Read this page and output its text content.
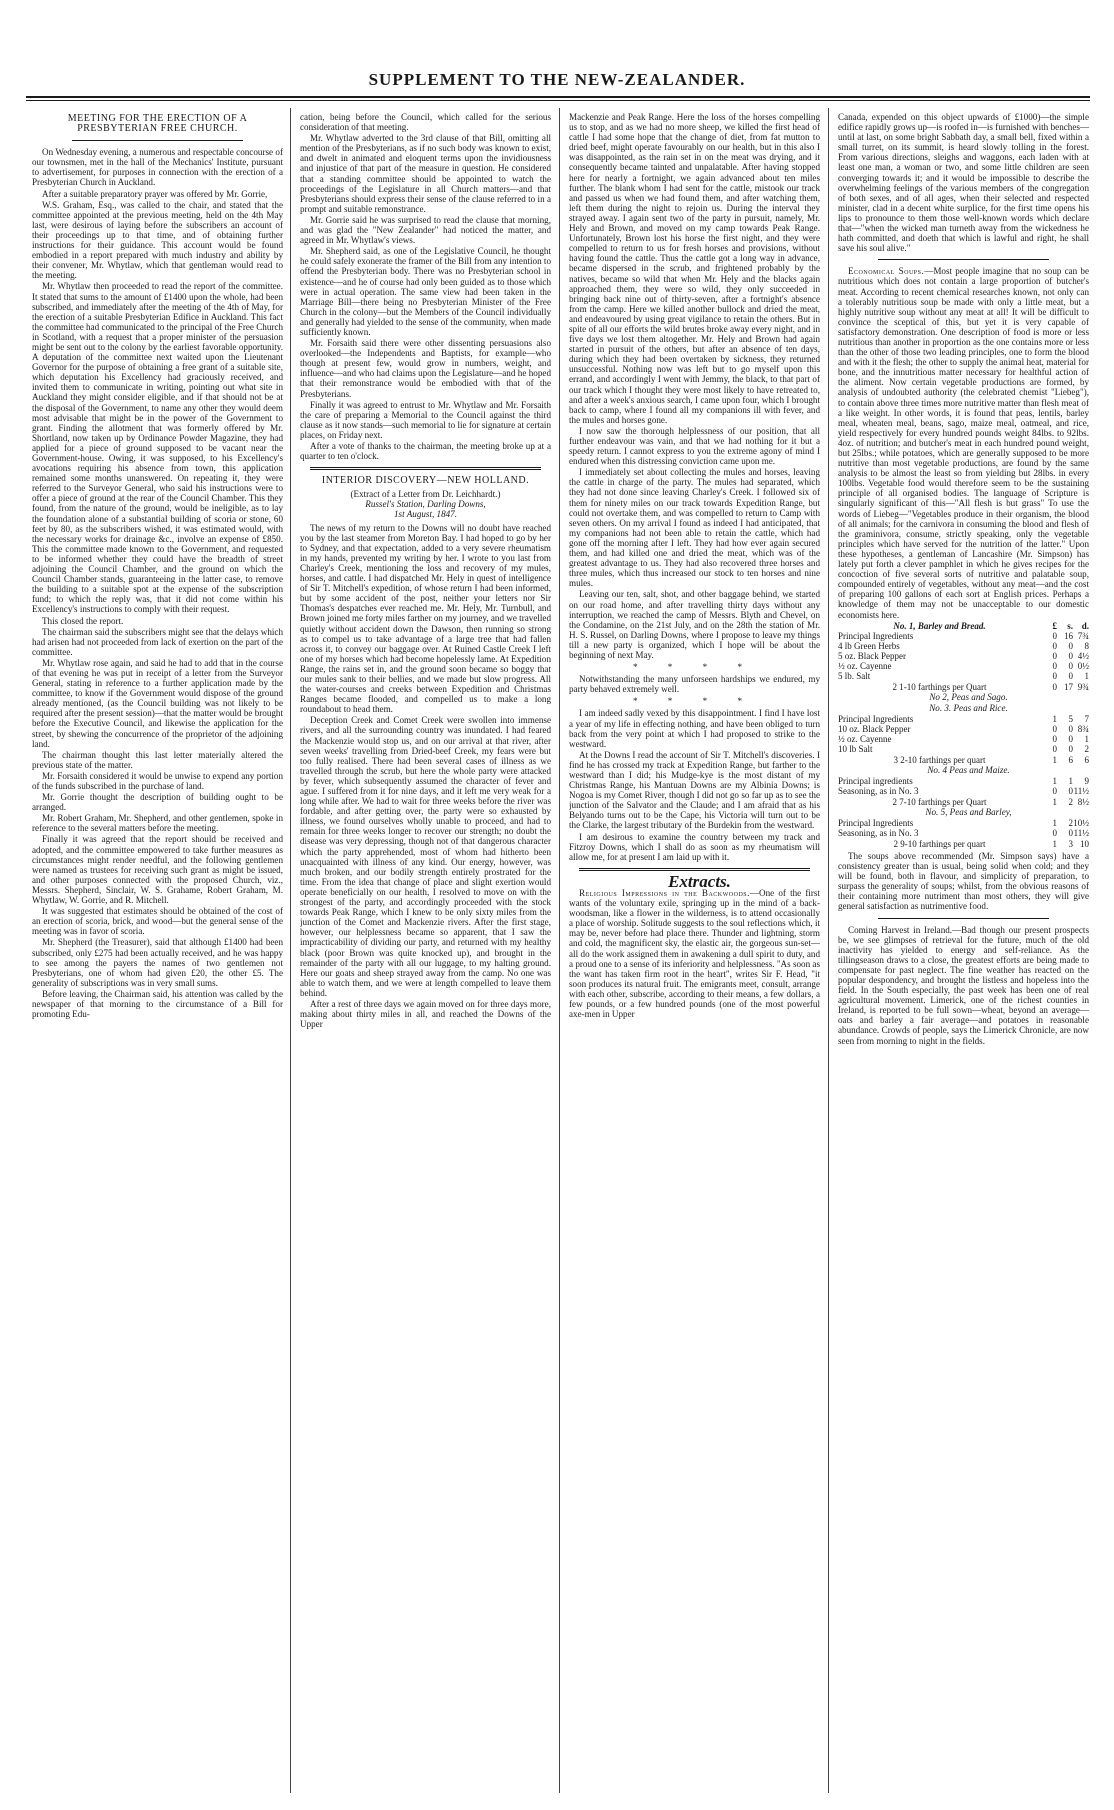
SUPPLEMENT TO THE NEW-ZEALANDER.

MEETING FOR THE ERECTION OF A PRESBYTERIAN FREE CHURCH.

On Wednesday evening, a numerous and respectable concourse of our townsmen, met in the hall of the Mechanics' Institute, pursuant to advertisement, for purposes in connection with the erection of a Presbyterian Church in Auckland.

After a suitable preparatory prayer was offered by Mr. Gorrie,

W.S. Graham, Esq., was called to the chair, and stated that the committee appointed at the previous meeting, held on the 4th May last, were desirous of laying before the subscribers an account of their proceedings up to that time, and of obtaining further instructions for their guidance. This account would be found embodied in a report prepared with much industry and ability by their convener, Mr. Whytlaw, which that gentleman would read to the meeting.

Mr. Whytlaw then proceeded to read the report of the committee. It stated that sums to the amount of £1400 upon the whole, had been subscribed, and immediately after the meeting of the 4th of May, for the erection of a suitable Presbyterian Edifice in Auckland. This fact the committee had communicated to the principal of the Free Church in Scotland, with a request that a proper minister of the persuasion might be sent out to the colony by the earliest favorable opportunity. A deputation of the committee next waited upon the Lieutenant Governor for the purpose of obtaining a free grant of a suitable site, which deputation his Excellency had graciously received, and invited them to communicate in writing, pointing out what site in Auckland they might consider eligible, and if that should not be at the disposal of the Government, to name any other they would deem most advisable that might be in the power of the Government to grant. Finding the allotment that was formerly offered by Mr. Shortland, now taken up by Ordinance Powder Magazine, they had applied for a piece of ground supposed to be vacant near the Government-house. Owing, it was supposed, to his Excellency's avocations requiring his absence from town, this application remained some months unanswered. On repeating it, they were referred to the Surveyor General, who said his instructions were to offer a piece of ground at the rear of the Council Chamber. This they found, from the nature of the ground, would be ineligible, as to lay the foundation alone of a substantial building of scoria or stone, 60 feet by 80, as the subscribers wished, it was estimated would, with the necessary works for drainage &c., involve an expense of £850. This the committee made known to the Government, and requested to be informed whether they could have the breadth of street adjoining the Council Chamber, and the ground on which the Council Chamber stands, guaranteeing in the latter case, to remove the building to a suitable spot at the expense of the subscription fund; to which the reply was, that it did not come within his Excellency's instructions to comply with their request.

This closed the report.

The chairman said the subscribers might see that the delays which had arisen had not proceeded from lack of exertion on the part of the committee.

Mr. Whytlaw rose again, and said he had to add that in the course of that evening he was put in receipt of a letter from the Surveyor General, stating in reference to a further application made by the committee, to know if the Government would dispose of the ground already mentioned, (as the Council building was not likely to be required after the present session)—that the matter would be brought before the Executive Council, and likewise the application for the street, by shewing the concurrence of the proprietor of the adjoining land.

The chairman thought this last letter materially altered the previous state of the matter.

Mr. Forsaith considered it would be unwise to expend any portion of the funds subscribed in the purchase of land.

Mr. Gorrie thought the description of building ought to be arranged.

Mr. Robert Graham, Mr. Shepherd, and other gentlemen, spoke in reference to the several matters before the meeting.

Finally it was agreed that the report should be received and adopted, and the committee empowered to take further measures as circumstances might render needful, and the following gentlemen were named as trustees for receiving such grant as might be issued, and other purposes connected with the proposed Church, viz., Messrs. Shepherd, Sinclair, W. S. Grahame, Robert Graham, M. Whytlaw, W. Gorrie, and R. Mitchell.

It was suggested that estimates should be obtained of the cost of an erection of scoria, brick, and wood—but the general sense of the meeting was in favor of scoria.

Mr. Shepherd (the Treasurer), said that although £1400 had been subscribed, only £275 had been actually received, and he was happy to see among the payers the names of two gentlemen not Presbyterians, one of whom had given £20, the other £5. The generality of subscriptions was in very small sums.

Before leaving, the Chairman said, his attention was called by the newspaper of that morning to the circumstance of a Bill for promoting Edu-

cation, being before the Council, which called for the serious consideration of that meeting.

Mr. Whytlaw adverted to the 3rd clause of that Bill, omitting all mention of the Presbyterians, as if no such body was known to exist, and dwelt in animated and eloquent terms upon the invidiousness and injustice of that part of the measure in question. He considered that a standing committee should be appointed to watch the proceedings of the Legislature in all Church matters—and that Presbyterians should express their sense of the clause referred to in a prompt and suitable remonstrance.

Mr. Gorrie said he was surprised to read the clause that morning, and was glad the "New Zealander" had noticed the matter, and agreed in Mr. Whytlaw's views.

Mr. Shepherd said, as one of the Legislative Council, he thought he could safely exonerate the framer of the Bill from any intention to offend the Presbyterian body. There was no Presbyterian school in existence—and he of course had only been guided as to those which were in actual operation. The same view had been taken in the Marriage Bill—there being no Presbyterian Minister of the Free Church in the colony—but the Members of the Council individually and generally had yielded to the sense of the community, when made sufficiently known.

Mr. Forsaith said there were other dissenting persuasions also overlooked—the Independents and Baptists, for example—who though at present few, would grow in numbers, weight, and influence—and who had claims upon the Legislature—and he hoped that their remonstrance would be embodied with that of the Presbyterians.

Finally it was agreed to entrust to Mr. Whytlaw and Mr. Forsaith the care of preparing a Memorial to the Council against the third clause as it now stands—such memorial to lie for signature at certain places, on Friday next.

After a vote of thanks to the chairman, the meeting broke up at a quarter to ten o'clock.

INTERIOR DISCOVERY—NEW HOLLAND.

(Extract of a Letter from Dr. Leichhardt.)

Russel's Station, Darling Downs,

1st August, 1847.

The news of my return to the Downs will no doubt have reached you by the last steamer from Moreton Bay. I had hoped to go by her to Sydney, and that expectation, added to a very severe rheumatism in my hands, prevented my writing by her. I wrote to you last from Charley's Creek, mentioning the loss and recovery of my mules, horses, and cattle. I had dispatched Mr. Hely in quest of intelligence of Sir T. Mitchell's expedition, of whose return I had been informed, but by some accident of the post, neither your letters nor Sir Thomas's despatches ever reached me. Mr. Hely, Mr. Turnbull, and Brown joined me forty miles farther on my journey, and we travelled quietly without accident down the Dawson, then running so strong as to compel us to take advantage of a large tree that had fallen across it, to convey our baggage over. At Ruined Castle Creek I left one of my horses which had become hopelessly lame. At Expedition Range, the rains set in, and the ground soon became so boggy that our mules sank to their bellies, and we made but slow progress. All the water-courses and creeks between Expedition and Christmas Ranges became flooded, and compelled us to make a long roundabout to head them.

Deception Creek and Comet Creek were swollen into immense rivers, and all the surrounding country was inundated. I had feared the Mackenzie would stop us, and on our arrival at that river, after seven weeks' travelling from Dried-beef Creek, my fears were but too fully realised. There had been several cases of illness as we travelled through the scrub, but here the whole party were attacked by fever, which subsequently assumed the character of fever and ague. I suffered from it for nine days, and it left me very weak for a long while after. We had to wait for three weeks before the river was fordable, and after getting over, the party were so exhausted by illness, we found ourselves wholly unable to proceed, and had to remain for three weeks longer to recover our strength; no doubt the disease was very depressing, though not of that dangerous character which the party apprehended, most of whom had hitherto been unacquainted with illness of any kind. Our energy, however, was much broken, and our bodily strength entirely prostrated for the time. From the idea that change of place and slight exertion would operate beneficially on our health, I resolved to move on with the strongest of the party, and accordingly proceeded with the stock towards Peak Range, which I knew to be only sixty miles from the junction of the Comet and Mackenzie rivers. After the first stage, however, our helplessness became so apparent, that I saw the impracticability of dividing our party, and returned with my healthy black (poor Brown was quite knocked up), and brought in the remainder of the party with all our luggage, to my halting ground. Here our goats and sheep strayed away from the camp. No one was able to watch them, and we were at length compelled to leave them behind.

After a rest of three days we again moved on for three days more, making about thirty miles in all, and reached the Downs of the Upper

Mackenzie and Peak Range. Here the loss of the horses compelling us to stop, and as we had no more sheep, we killed the first head of cattle I had some hope that the change of diet, from fat mutton to dried beef, might operate favourably on our health, but in this also I was disappointed, as the rain set in on the meat was drying, and it consequently became tainted and unpalatable. After having stopped here for nearly a fortnight, we again advanced about ten miles further. The blank whom I had sent for the cattle, mistook our track and passed us when we had found them, and after watching them, left them during the night to rejoin us. During the interval they strayed away. I again sent two of the party in pursuit, namely, Mr. Hely and Brown, and moved on my camp towards Peak Range. Unfortunately, Brown lost his horse the first night, and they were compelled to return to us for fresh horses and provisions, without having found the cattle. Thus the cattle got a long way in advance, became dispersed in the scrub, and frightened probably by the natives, became so wild that when Mr. Hely and the blacks again approached them, they were so wild, they only succeeded in bringing back nine out of thirty-seven, after a fortnight's absence from the camp. Here we killed another bullock and dried the meat, and endeavoured by using great vigilance to retain the others. But in spite of all our efforts the wild brutes broke away every night, and in five days we lost them altogether. Mr. Hely and Brown had again started in pursuit of the others, but after an absence of ten days, during which they had been overtaken by sickness, they returned unsuccessful. Nothing now was left but to go myself upon this errand, and accordingly I went with Jemmy, the black, to that part of our track which I thought they were most likely to have retreated to, and after a week's anxious search, I came upon four, which I brought back to camp, where I found all my companions ill with fever, and the mules and horses gone.

I now saw the thorough helplessness of our position, that all further endeavour was vain, and that we had nothing for it but a speedy return. I cannot express to you the extreme agony of mind I endured when this distressing conviction came upon me.

I immediately set about collecting the mules and horses, leaving the cattle in charge of the party. The mules had separated, which they had not done since leaving Charley's Creek. I followed six of them for ninety miles on our track towards Expedition Range, but could not overtake them, and was compelled to return to Camp with seven others. On my arrival I found as indeed I had anticipated, that my companions had not been able to retain the cattle, which had gone off the morning after I left. They had how ever again secured them, and had killed one and dried the meat, which was of the greatest advantage to us. They had also recovered three horses and three mules, which thus increased our stock to ten horses and nine mules.

Leaving our ten, salt, shot, and other baggage behind, we started on our road home, and after travelling thirty days without any interruption, we reached the camp of Messrs. Blyth and Chevel, on the Condamine, on the 21st July, and on the 28th the station of Mr. H. S. Russel, on Darling Downs, where I propose to leave my things till a new party is organized, which I hope will be about the beginning of next May.

* * * *

Notwithstanding the many unforseen hardships we endured, my party behaved extremely well.

* * * *

I am indeed sadly vexed by this disappointment. I find I have lost a year of my life in effecting nothing, and have been obliged to turn back from the very point at which I had proposed to strike to the westward.

At the Downs I read the account of Sir T. Mitchell's discoveries. I find he has crossed my track at Expedition Range, but farther to the westward than I did; his Mudge-kye is the most distant of my Christmas Range, his Mantuan Downs are my Albinia Downs; is Nogoa is my Comet River, though I did not go so far up as to see the junction of the Salvator and the Claude; and I am afraid that as his Belyando turns out to be the Cape, his Victoria will turn out to be the Clarke, the largest tributary of the Burdekin from the westward.

I am desirous to examine the country between my track and Fitzroy Downs, which I shall do as soon as my rheumatism will allow me, for at present I am laid up with it.

Extracts.

Religious Impressions in the Backwoods.—One of the first wants of the voluntary exile, springing up in the mind of a back-woodsman, like a flower in the wilderness, is to attend occasionally a place of worship. Solitude suggests to the soul reflections which, it may be, never before had place there. Thunder and lightning, storm and cold, the magnificent sky, the elastic air, the gorgeous sun-set—all do the work assigned them in awakening a dull spirit to duty, and a proud one to a sense of its inferiority and helplessness. "As soon as the want has taken firm root in the heart", writes Sir F. Head, "it soon produces its natural fruit. The emigrants meet, consult, arrange with each other, subscribe, according to their means, a few dollars, a few pounds, or a few hundred pounds (one of the most powerful axe-men in Upper

Canada, expended on this object upwards of £1000)—the simple edifice rapidly grows up—is roofed in—is furnished with benches—until at last, on some bright Sabbath day, a small bell, fixed within a small turret, on its summit, is heard slowly tolling in the forest. From various directions, sleighs and waggons, each laden with at least one man, a woman or two, and some little children are seen converging towards it; and it would be impossible to describe the overwhelming feelings of the various members of the congregation of both sexes, and of all ages, when their selected and respected minister, clad in a decent white surplice, for the first time opens his lips to pronounce to them those well-known words which declare that—"when the wicked man turneth away from the wickedness he hath committed, and doeth that which is lawful and right, he shall save his soul alive."

Economical Soups.—Most people imagine that no soup can be nutritious which does not contain a large proportion of butcher's meat. According to recent chemical researches known, not only can a tolerably nutritious soup be made with only a little meat, but a highly nutritive soup without any meat at all! It will be difficult to convince the sceptical of this, but yet it is very capable of satisfactory demonstration. One description of food is more or less nutritious than another in proportion as the one contains more or less than the other of those two leading principles, one to form the blood and with it the flesh; the other to supply the animal heat, material for bone, and the innutritious matter necessary for healthful action of the aliment. Now certain vegetable productions are formed, by analysis of undoubted authority (the celebrated chemist "Liebeg"), to contain above three times more nutritive matter than flesh meat of a like weight. In other words, it is found that peas, lentils, barley meal, wheaten meal, beans, sago, maize meal, oatmeal, and rice, yield respectively for every hundred pounds weight 84lbs. to 92lbs. 4oz. of nutrition; and butcher's meat in each hundred pound weight, but 25lbs.; while potatoes, which are generally supposed to be more nutritive than most vegetable productions, are found by the same analysis to be almost the least so from yielding but 28lbs. in every 100lbs. Vegetable food would therefore seem to be the sustaining principle of all organised bodies. The language of Scripture is singularly significant of this—"All flesh is but grass" To use the words of Liebeg—"Vegetables produce in their organism, the blood of all animals; for the carnivora in consuming the blood and flesh of the graminivora, consume, strictly speaking, only the vegetable principles which have served for the nutrition of the latter." Upon these hypotheses, a gentleman of Lancashire (Mr. Simpson) has lately put forth a clever pamphlet in which he gives recipes for the concoction of five several sorts of nutritive and palatable soup, compounded entirely of vegetables, without any meat—and the cost of preparing 100 gallons of each sort at English prices. Perhaps a knowledge of them may not be unacceptable to our domestic economists here.

No. 1, Barley and Bread.	£	s.	d.
Principal Ingredients	0	16	7¾
4 lb Green Herbs	0	0	8
5 oz. Black Pepper	0	0	4½
½ oz. Cayenne	0	0	0½
5 lb. Salt	0	0	1
2 1-10 farthings per Quart	0	17	9¾

No 2, Peas and Sago.

No. 3. Peas and Rice.

Principal Ingredients	1	5	7
10 oz. Black Pepper	0	0	8¾
½ oz. Cayenne	0	0	1
10 lb Salt	0	0	2
3 2-10 farthings per quart	1	6	6

No. 4 Peas and Maize.

Principal ingredients	1	1	9
Seasoning, as in No. 3	0	0	11½
2 7-10 farthings per Quart	1	2	8½

No. 5, Peas and Barley,

Principal Ingredients	1	2	10½
Seasoning, as in No. 3	0	0	11½
2 9-10 farthings per quart	1	3	10

The soups above recommended (Mr. Simpson says) have a consistency greater than is usual, being solid when cold; and they will be found, both in flavour, and simplicity of preparation, to surpass the generality of soups; whilst, from the obvious reasons of their containing more nutriment than most others, they will give general satisfaction as nutrimentive food.

Coming Harvest in Ireland.—Bad though our present prospects be, we see glimpses of retrieval for the future, much of the old inactivity has yielded to energy and self-reliance. As the tillingseason draws to a close, the greatest efforts are being made to compensate for past neglect. The fine weather has reacted on the popular despondency, and brought the listless and hopeless into the field. In the South especially, the past week has been one of real agricultural movement. Limerick, one of the richest counties in Ireland, is reported to be full sown—wheat, beyond an average—oats and barley a fair average—and potatoes in reasonable abundance. Crowds of people, says the Limerick Chronicle, are now seen from morning to night in the fields.
